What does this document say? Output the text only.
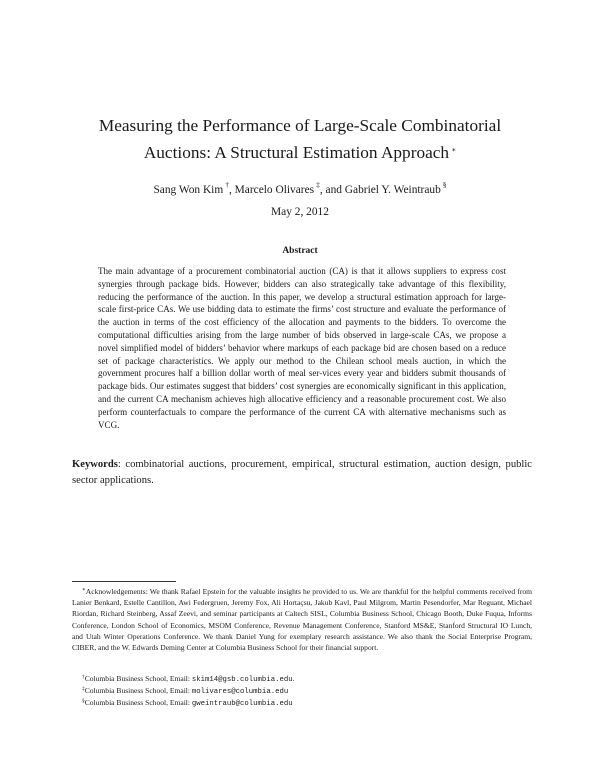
Measuring the Performance of Large-Scale Combinatorial
Auctions: A Structural Estimation Approach ∗
Sang Won Kim †, Marcelo Olivares ‡, and Gabriel Y. Weintraub §
May 2, 2012
Abstract
The main advantage of a procurement combinatorial auction (CA) is that it allows suppliers to express cost synergies through package bids. However, bidders can also strategically take advantage of this flexibility, reducing the performance of the auction. In this paper, we develop a structural estimation approach for large-scale first-price CAs. We use bidding data to estimate the firms’ cost structure and evaluate the performance of the auction in terms of the cost efficiency of the allocation and payments to the bidders. To overcome the computational difficulties arising from the large number of bids observed in large-scale CAs, we propose a novel simplified model of bidders’ behavior where markups of each package bid are chosen based on a reduce set of package characteristics. We apply our method to the Chilean school meals auction, in which the government procures half a billion dollar worth of meal ser-vices every year and bidders submit thousands of package bids. Our estimates suggest that bidders’ cost synergies are economically significant in this application, and the current CA mechanism achieves high allocative efficiency and a reasonable procurement cost. We also perform counterfactuals to compare the performance of the current CA with alternative mechanisms such as VCG.
Keywords: combinatorial auctions, procurement, empirical, structural estimation, auction design, public sector applications.
∗Acknowledgements: We thank Rafael Epstein for the valuable insights he provided to us. We are thankful for the helpful comments received from Lanier Benkard, Estelle Cantillon, Awi Federgruen, Jeremy Fox, Ali Hortaçsu, Jakub Kavl, Paul Milgrom, Martin Pesendorfer, Mar Reguant, Michael Riordan, Richard Steinberg, Assaf Zeevi, and seminar participants at Caltech SISL, Columbia Business School, Chicago Booth, Duke Fuqua, Informs Conference, London School of Economics, MSOM Conference, Revenue Management Conference, Stanford MS&E, Stanford Structural IO Lunch, and Utah Winter Operations Conference. We thank Daniel Yung for exemplary research assistance. We also thank the Social Enterprise Program, CIBER, and the W. Edwards Deming Center at Columbia Business School for their financial support.
†Columbia Business School, Email: skim14@gsb.columbia.edu.
‡Columbia Business School, Email: molivares@columbia.edu
§Columbia Business School, Email: gweintraub@columbia.edu
